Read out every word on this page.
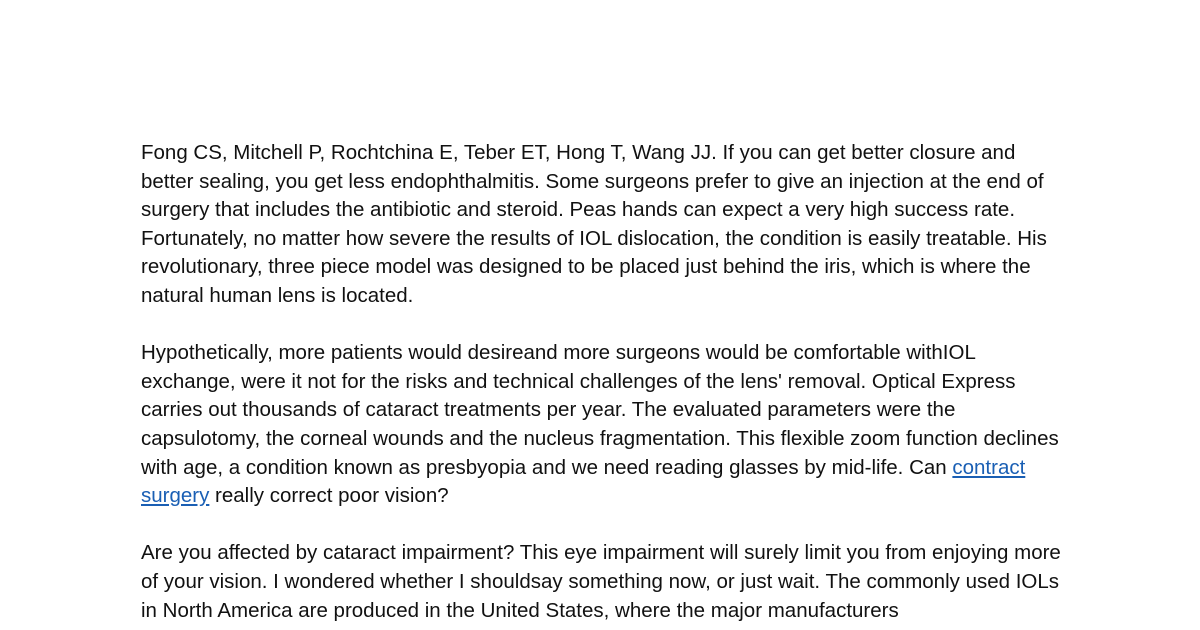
Fong CS, Mitchell P, Rochtchina E, Teber ET, Hong T, Wang JJ. If you can get better closure and better sealing, you get less endophthalmitis. Some surgeons prefer to give an injection at the end of surgery that includes the antibiotic and steroid. Peas hands can expect a very high success rate. Fortunately, no matter how severe the results of IOL dislocation, the condition is easily treatable. His revolutionary, three piece model was designed to be placed just behind the iris, which is where the natural human lens is located.

Hypothetically, more patients would desireand more surgeons would be comfortable withIOL exchange, were it not for the risks and technical challenges of the lens' removal. Optical Express carries out thousands of cataract treatments per year. The evaluated parameters were the capsulotomy, the corneal wounds and the nucleus fragmentation. This flexible zoom function declines with age, a condition known as presbyopia and we need reading glasses by mid-life. Can contract surgery really correct poor vision?

Are you affected by cataract impairment? This eye impairment will surely limit you from enjoying more of your vision. I wondered whether I shouldsay something now, or just wait. The commonly used IOLs in North America are produced in the United States, where the major manufacturers
